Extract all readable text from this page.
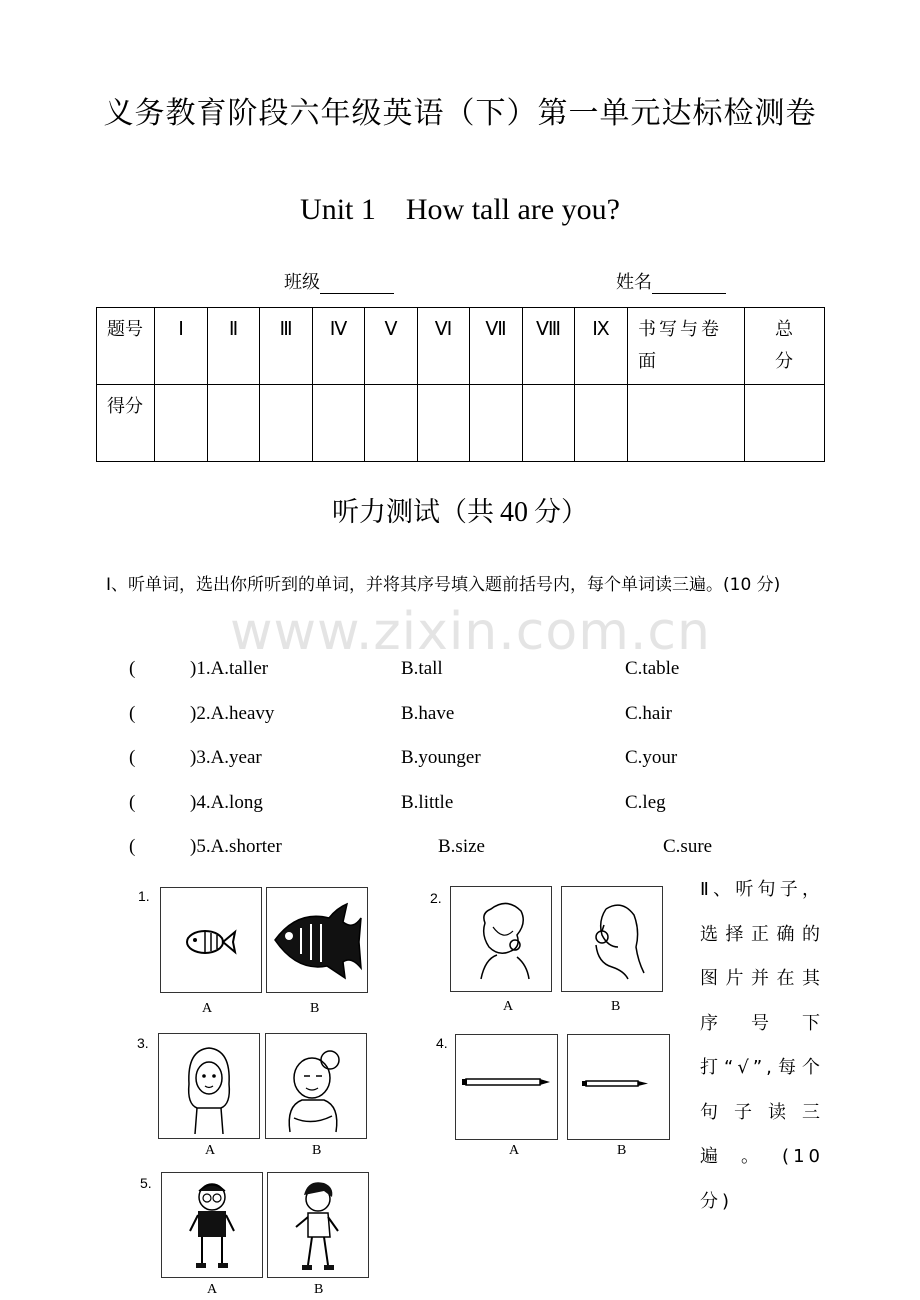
义务教育阶段六年级英语（下）第一单元达标检测卷
Unit 1    How tall are you?
班级	姓名
题号	Ⅰ	Ⅱ	Ⅲ	Ⅳ	Ⅴ	Ⅵ	Ⅶ	Ⅷ	Ⅸ	书写与卷面	总分
得分											
听力测试（共 40 分）
Ⅰ、听单词，选出你所听到的单词，并将其序号填入题前括号内，每个单词读三遍。(10 分)
www.zixin.com.cn
(	)1.A.taller	B.tall	C.table
(	)2.A.heavy	B.have	C.hair
(	)3.A.year	B.younger	C.your
(	)4.A.long	B.little	C.leg
(	)5.A.shorter	B.size	C.sure
Ⅱ、听句子，选择正确的图片并在其序号下打“√”,每个句子读三遍。(10 分)
1.
A	B
2.
A	B
3.
A	B
4.
A	B
5.
A	B
